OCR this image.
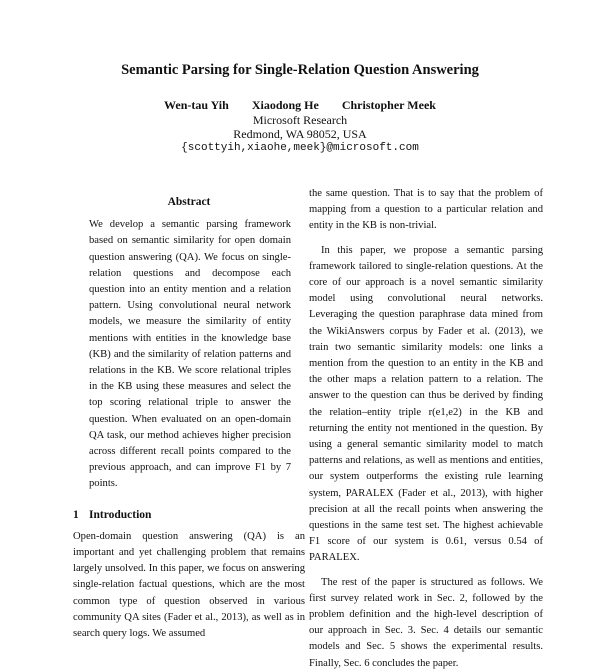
Semantic Parsing for Single-Relation Question Answering
Wen-tau Yih Xiaodong He Christopher Meek
Microsoft Research
Redmond, WA 98052, USA
{scottyih,xiaohe,meek}@microsoft.com
Abstract
We develop a semantic parsing framework based on semantic similarity for open domain question answering (QA). We focus on single-relation questions and decompose each question into an entity mention and a relation pattern. Using convolutional neural network models, we measure the similarity of entity mentions with entities in the knowledge base (KB) and the similarity of relation patterns and relations in the KB. We score relational triples in the KB using these measures and select the top scoring relational triple to answer the question. When evaluated on an open-domain QA task, our method achieves higher precision across different recall points compared to the previous approach, and can improve F1 by 7 points.
1 Introduction
Open-domain question answering (QA) is an important and yet challenging problem that remains largely unsolved. In this paper, we focus on answering single-relation factual questions, which are the most common type of question observed in various community QA sites (Fader et al., 2013), as well as in search query logs. We assumed
the same question. That is to say that the problem of mapping from a question to a particular relation and entity in the KB is non-trivial.
In this paper, we propose a semantic parsing framework tailored to single-relation questions. At the core of our approach is a novel semantic similarity model using convolutional neural networks. Leveraging the question paraphrase data mined from the WikiAnswers corpus by Fader et al. (2013), we train two semantic similarity models: one links a mention from the question to an entity in the KB and the other maps a relation pattern to a relation. The answer to the question can thus be derived by finding the relation–entity triple r(e1,e2) in the KB and returning the entity not mentioned in the question. By using a general semantic similarity model to match patterns and relations, as well as mentions and entities, our system outperforms the existing rule learning system, PARALEX (Fader et al., 2013), with higher precision at all the recall points when answering the questions in the same test set. The highest achievable F1 score of our system is 0.61, versus 0.54 of PARALEX.
The rest of the paper is structured as follows. We first survey related work in Sec. 2, followed by the problem definition and the high-level description of our approach in Sec. 3. Sec. 4 details our semantic models and Sec. 5 shows the experimental results. Finally, Sec. 6 concludes the paper.
